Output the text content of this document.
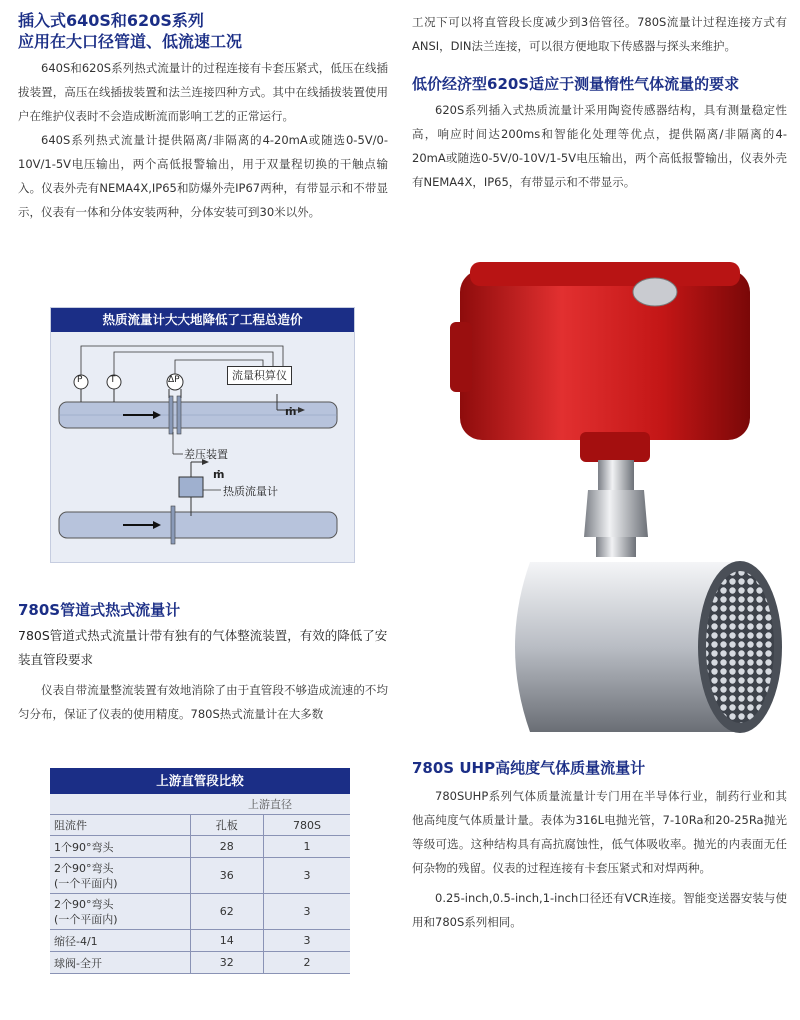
插入式640S和620S系列
应用在大口径管道、低流速工况

640S和620S系列热式流量计的过程连接有卡套压紧式，低压在线插拔装置，高压在线插拔装置和法兰连接四种方式。其中在线插拔装置使用户在维护仪表时不会造成断流而影响工艺的正常运行。

640S系列热式流量计提供隔离/非隔离的4-20mA或随选0-5V/0-10V/1-5V电压输出，两个高低报警输出，用于双量程切换的干触点输入。仪表外壳有NEMA4X,IP65和防爆外壳IP67两种，有带显示和不带显示，仪表有一体和分体安装两种，分体安装可到30米以外。

热质流量计大大地降低了工程总造价
P	T	ΔP	流量积算仪
ṁ
差压装置
ṁ
热质流量计
780S管道式热式流量计

780S管道式热式流量计带有独有的气体整流装置，有效的降低了安装直管段要求

仪表自带流量整流装置有效地消除了由于直管段不够造成流速的不均匀分布，保证了仪表的使用精度。780S热式流量计在大多数

上游直管段比较
	上游直径	
阻流件	孔板	780S
1个90°弯头	28	1
2个90°弯头
(一个平面内)	36	3
2个90°弯头
(一个平面内)	62	3
缩径-4/1	14	3
球阀-全开	32	2

工况下可以将直管段长度减少到3倍管径。780S流量计过程连接方式有ANSI，DIN法兰连接，可以很方便地取下传感器与探头来维护。

低价经济型620S适应于测量惰性气体流量的要求

620S系列插入式热质流量计采用陶瓷传感器结构，具有测量稳定性高，响应时间达200ms和智能化处理等优点，提供隔离/非隔离的4-20mA或随选0-5V/0-10V/1-5V电压输出，两个高低报警输出，仪表外壳有NEMA4X，IP65，有带显示和不带显示。

780S UHP高纯度气体质量流量计

780SUHP系列气体质量流量计专门用在半导体行业，制药行业和其他高纯度气体质量计量。表体为316L电抛光管，7-10Ra和20-25Ra抛光等级可选。这种结构具有高抗腐蚀性，低气体吸收率。抛光的内表面无任何杂物的残留。仪表的过程连接有卡套压紧式和对焊两种。

0.25-inch,0.5-inch,1-inch口径还有VCR连接。智能变送器安装与使用和780S系列相同。
